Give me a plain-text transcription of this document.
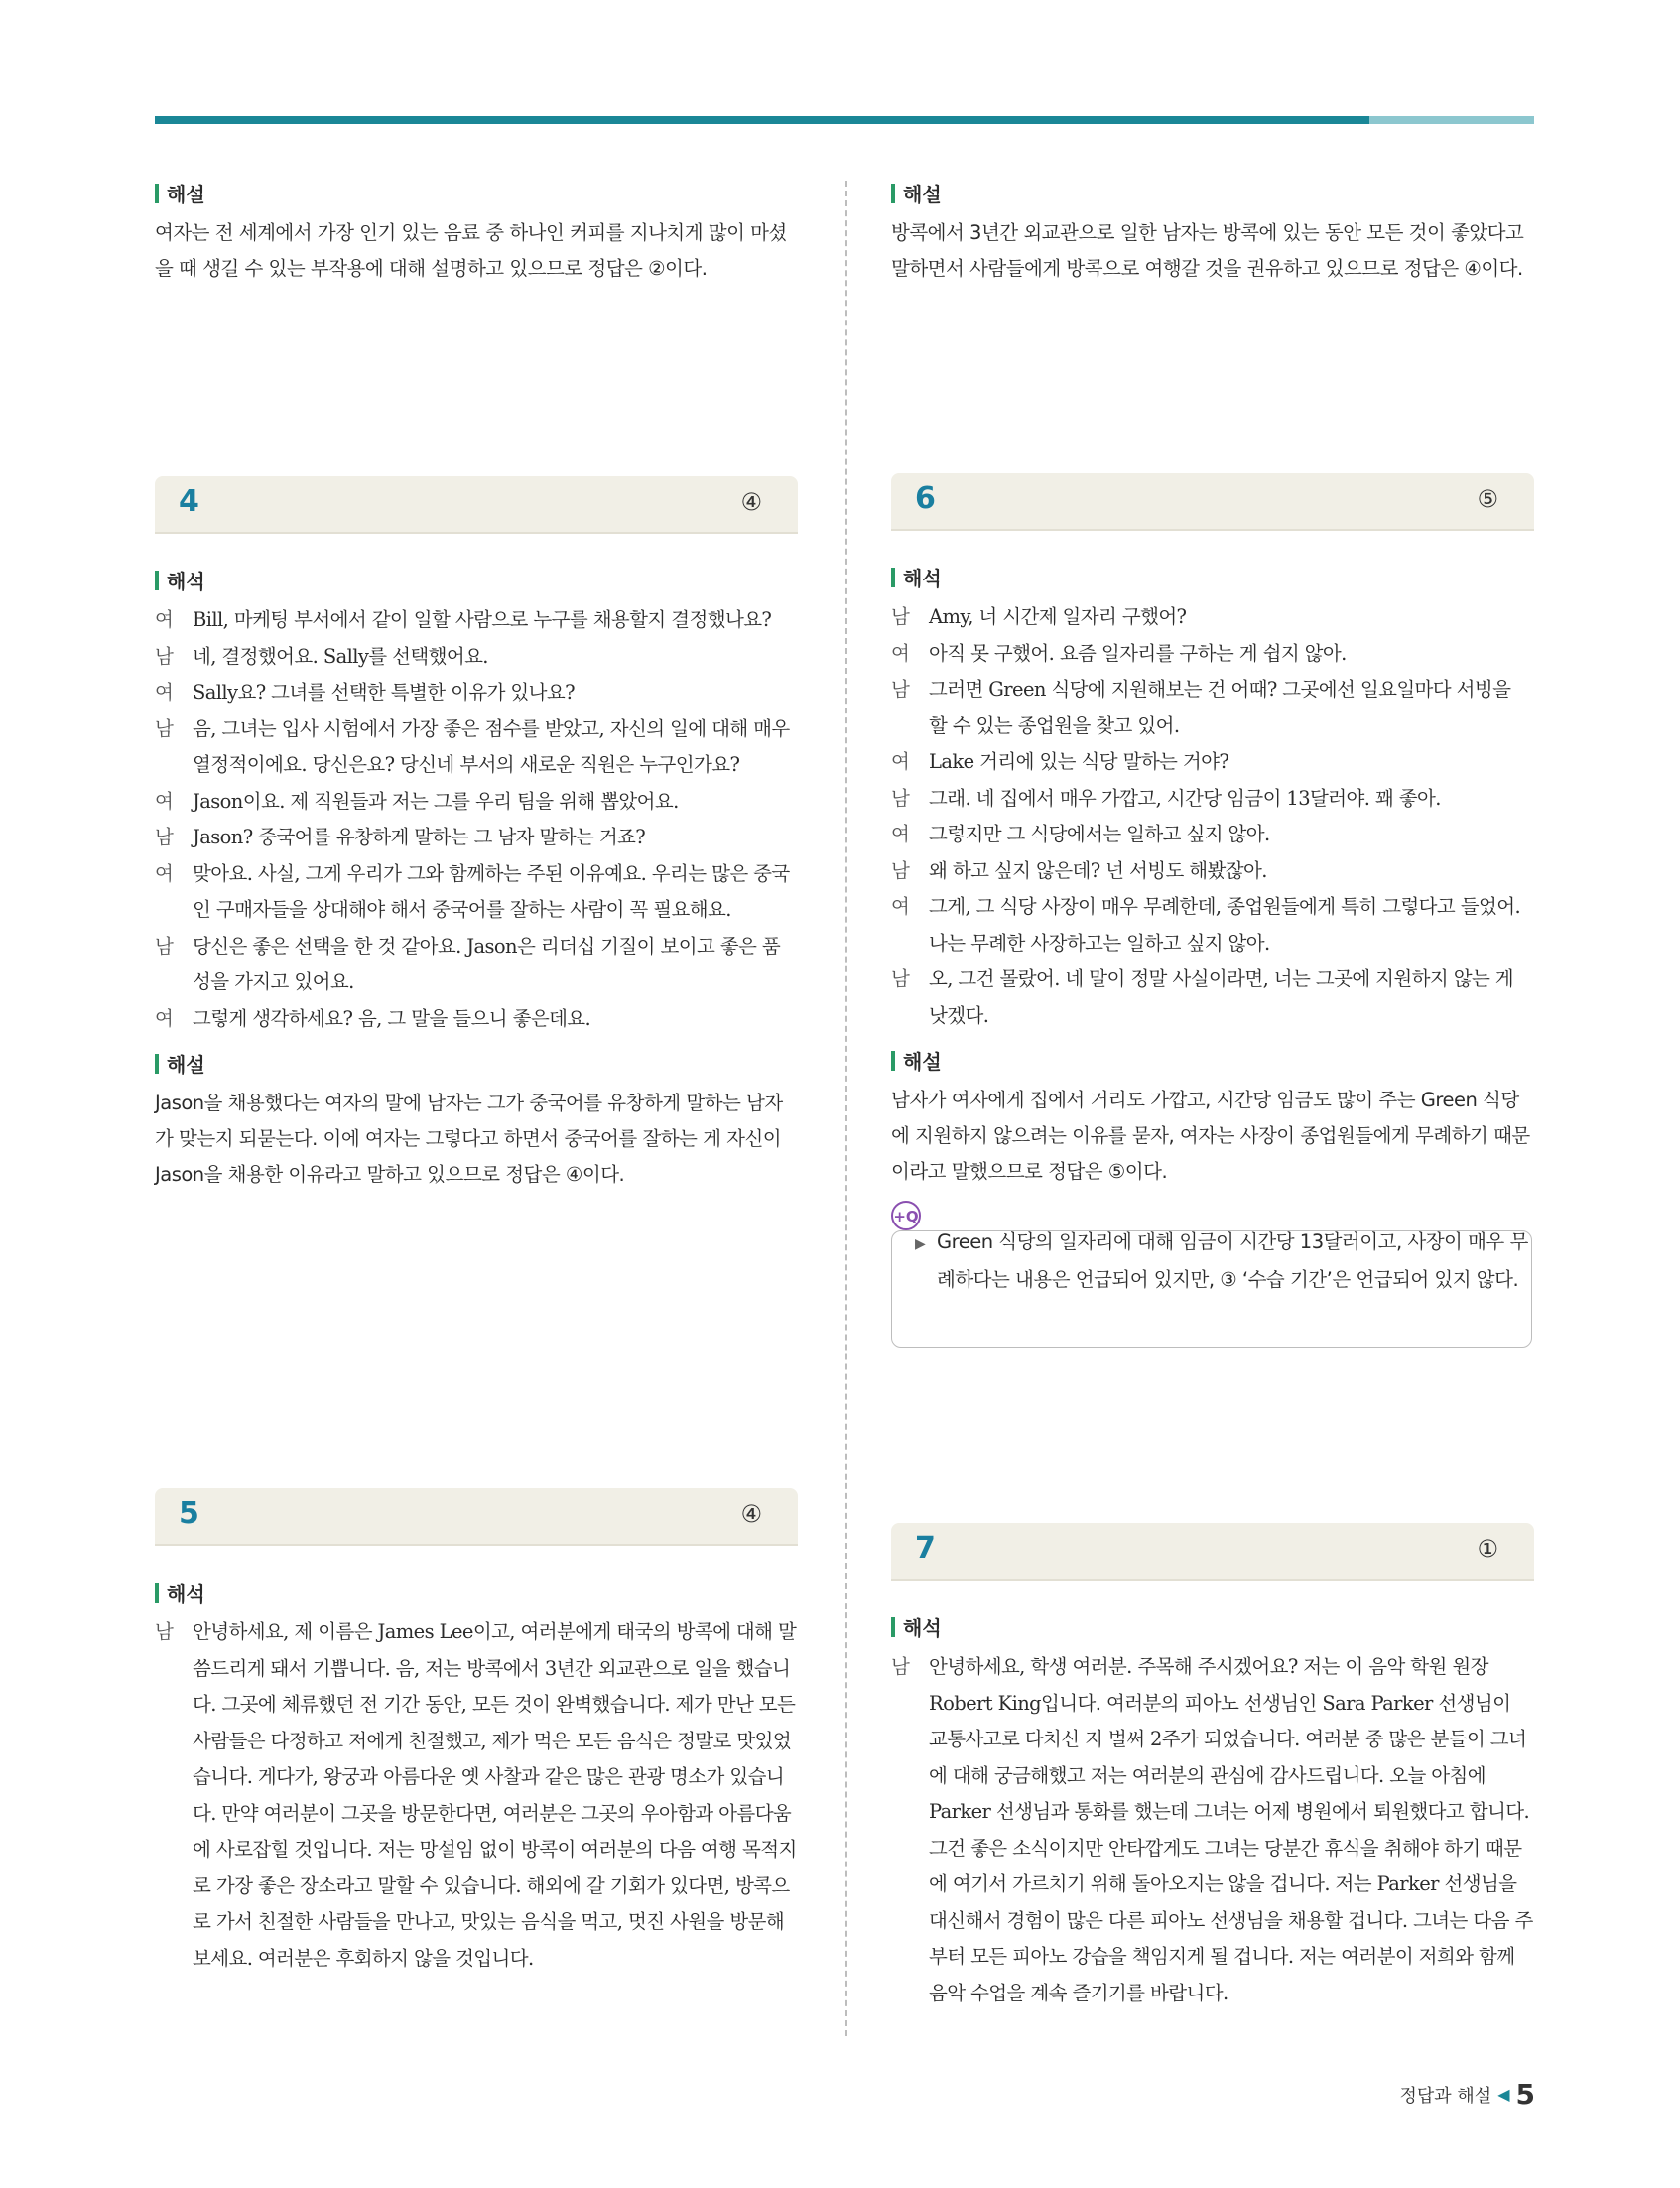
해설

여자는 전 세계에서 가장 인기 있는 음료 중 하나인 커피를 지나치게 많이 마셨을 때 생길 수 있는 부작용에 대해 설명하고 있으므로 정답은 ②이다.

해설

방콕에서 3년간 외교관으로 일한 남자는 방콕에 있는 동안 모든 것이 좋았다고 말하면서 사람들에게 방콕으로 여행갈 것을 권유하고 있으므로 정답은 ④이다.

4	④
해석
여 Bill, 마케팅 부서에서 같이 일할 사람으로 누구를 채용할지 결정했나요?
남 네, 결정했어요. Sally를 선택했어요.
여 Sally요? 그녀를 선택한 특별한 이유가 있나요?
남 음, 그녀는 입사 시험에서 가장 좋은 점수를 받았고, 자신의 일에 대해 매우 열정적이에요. 당신은요? 당신네 부서의 새로운 직원은 누구인가요?
여 Jason이요. 제 직원들과 저는 그를 우리 팀을 위해 뽑았어요.
남 Jason? 중국어를 유창하게 말하는 그 남자 말하는 거죠?
여 맞아요. 사실, 그게 우리가 그와 함께하는 주된 이유예요. 우리는 많은 중국인 구매자들을 상대해야 해서 중국어를 잘하는 사람이 꼭 필요해요.
남 당신은 좋은 선택을 한 것 같아요. Jason은 리더십 기질이 보이고 좋은 품성을 가지고 있어요.
여 그렇게 생각하세요? 음, 그 말을 들으니 좋은데요.
해설

Jason을 채용했다는 여자의 말에 남자는 그가 중국어를 유창하게 말하는 남자가 맞는지 되묻는다. 이에 여자는 그렇다고 하면서 중국어를 잘하는 게 자신이 Jason을 채용한 이유라고 말하고 있으므로 정답은 ④이다.

5	④
해석

남 안녕하세요, 제 이름은 James Lee이고, 여러분에게 태국의 방콕에 대해 말씀드리게 돼서 기쁩니다. 음, 저는 방콕에서 3년간 외교관으로 일을 했습니다. 그곳에 체류했던 전 기간 동안, 모든 것이 완벽했습니다. 제가 만난 모든 사람들은 다정하고 저에게 친절했고, 제가 먹은 모든 음식은 정말로 맛있었습니다. 게다가, 왕궁과 아름다운 옛 사찰과 같은 많은 관광 명소가 있습니다. 만약 여러분이 그곳을 방문한다면, 여러분은 그곳의 우아함과 아름다움에 사로잡힐 것입니다. 저는 망설임 없이 방콕이 여러분의 다음 여행 목적지로 가장 좋은 장소라고 말할 수 있습니다. 해외에 갈 기회가 있다면, 방콕으로 가서 친절한 사람들을 만나고, 맛있는 음식을 먹고, 멋진 사원을 방문해 보세요. 여러분은 후회하지 않을 것입니다.

6	⑤
해석
남 Amy, 너 시간제 일자리 구했어?
여 아직 못 구했어. 요즘 일자리를 구하는 게 쉽지 않아.
남 그러면 Green 식당에 지원해보는 건 어때? 그곳에선 일요일마다 서빙을 할 수 있는 종업원을 찾고 있어.
여 Lake 거리에 있는 식당 말하는 거야?
남 그래. 네 집에서 매우 가깝고, 시간당 임금이 13달러야. 꽤 좋아.
여 그렇지만 그 식당에서는 일하고 싶지 않아.
남 왜 하고 싶지 않은데? 넌 서빙도 해봤잖아.
여 그게, 그 식당 사장이 매우 무례한데, 종업원들에게 특히 그렇다고 들었어. 나는 무례한 사장하고는 일하고 싶지 않아.
남 오, 그건 몰랐어. 네 말이 정말 사실이라면, 너는 그곳에 지원하지 않는 게 낫겠다.
해설

남자가 여자에게 집에서 거리도 가깝고, 시간당 임금도 많이 주는 Green 식당에 지원하지 않으려는 이유를 묻자, 여자는 사장이 종업원들에게 무례하기 때문이라고 말했으므로 정답은 ⑤이다.

+Q
▶ Green 식당의 일자리에 대해 임금이 시간당 13달러이고, 사장이 매우 무례하다는 내용은 언급되어 있지만, ③ ‘수습 기간’은 언급되어 있지 않다.
7	①
해석

남 안녕하세요, 학생 여러분. 주목해 주시겠어요? 저는 이 음악 학원 원장 Robert King입니다. 여러분의 피아노 선생님인 Sara Parker 선생님이 교통사고로 다치신 지 벌써 2주가 되었습니다. 여러분 중 많은 분들이 그녀에 대해 궁금해했고 저는 여러분의 관심에 감사드립니다. 오늘 아침에 Parker 선생님과 통화를 했는데 그녀는 어제 병원에서 퇴원했다고 합니다. 그건 좋은 소식이지만 안타깝게도 그녀는 당분간 휴식을 취해야 하기 때문에 여기서 가르치기 위해 돌아오지는 않을 겁니다. 저는 Parker 선생님을 대신해서 경험이 많은 다른 피아노 선생님을 채용할 겁니다. 그녀는 다음 주부터 모든 피아노 강습을 책임지게 될 겁니다. 저는 여러분이 저희와 함께 음악 수업을 계속 즐기기를 바랍니다.

정답과 해설 ◀ 5
